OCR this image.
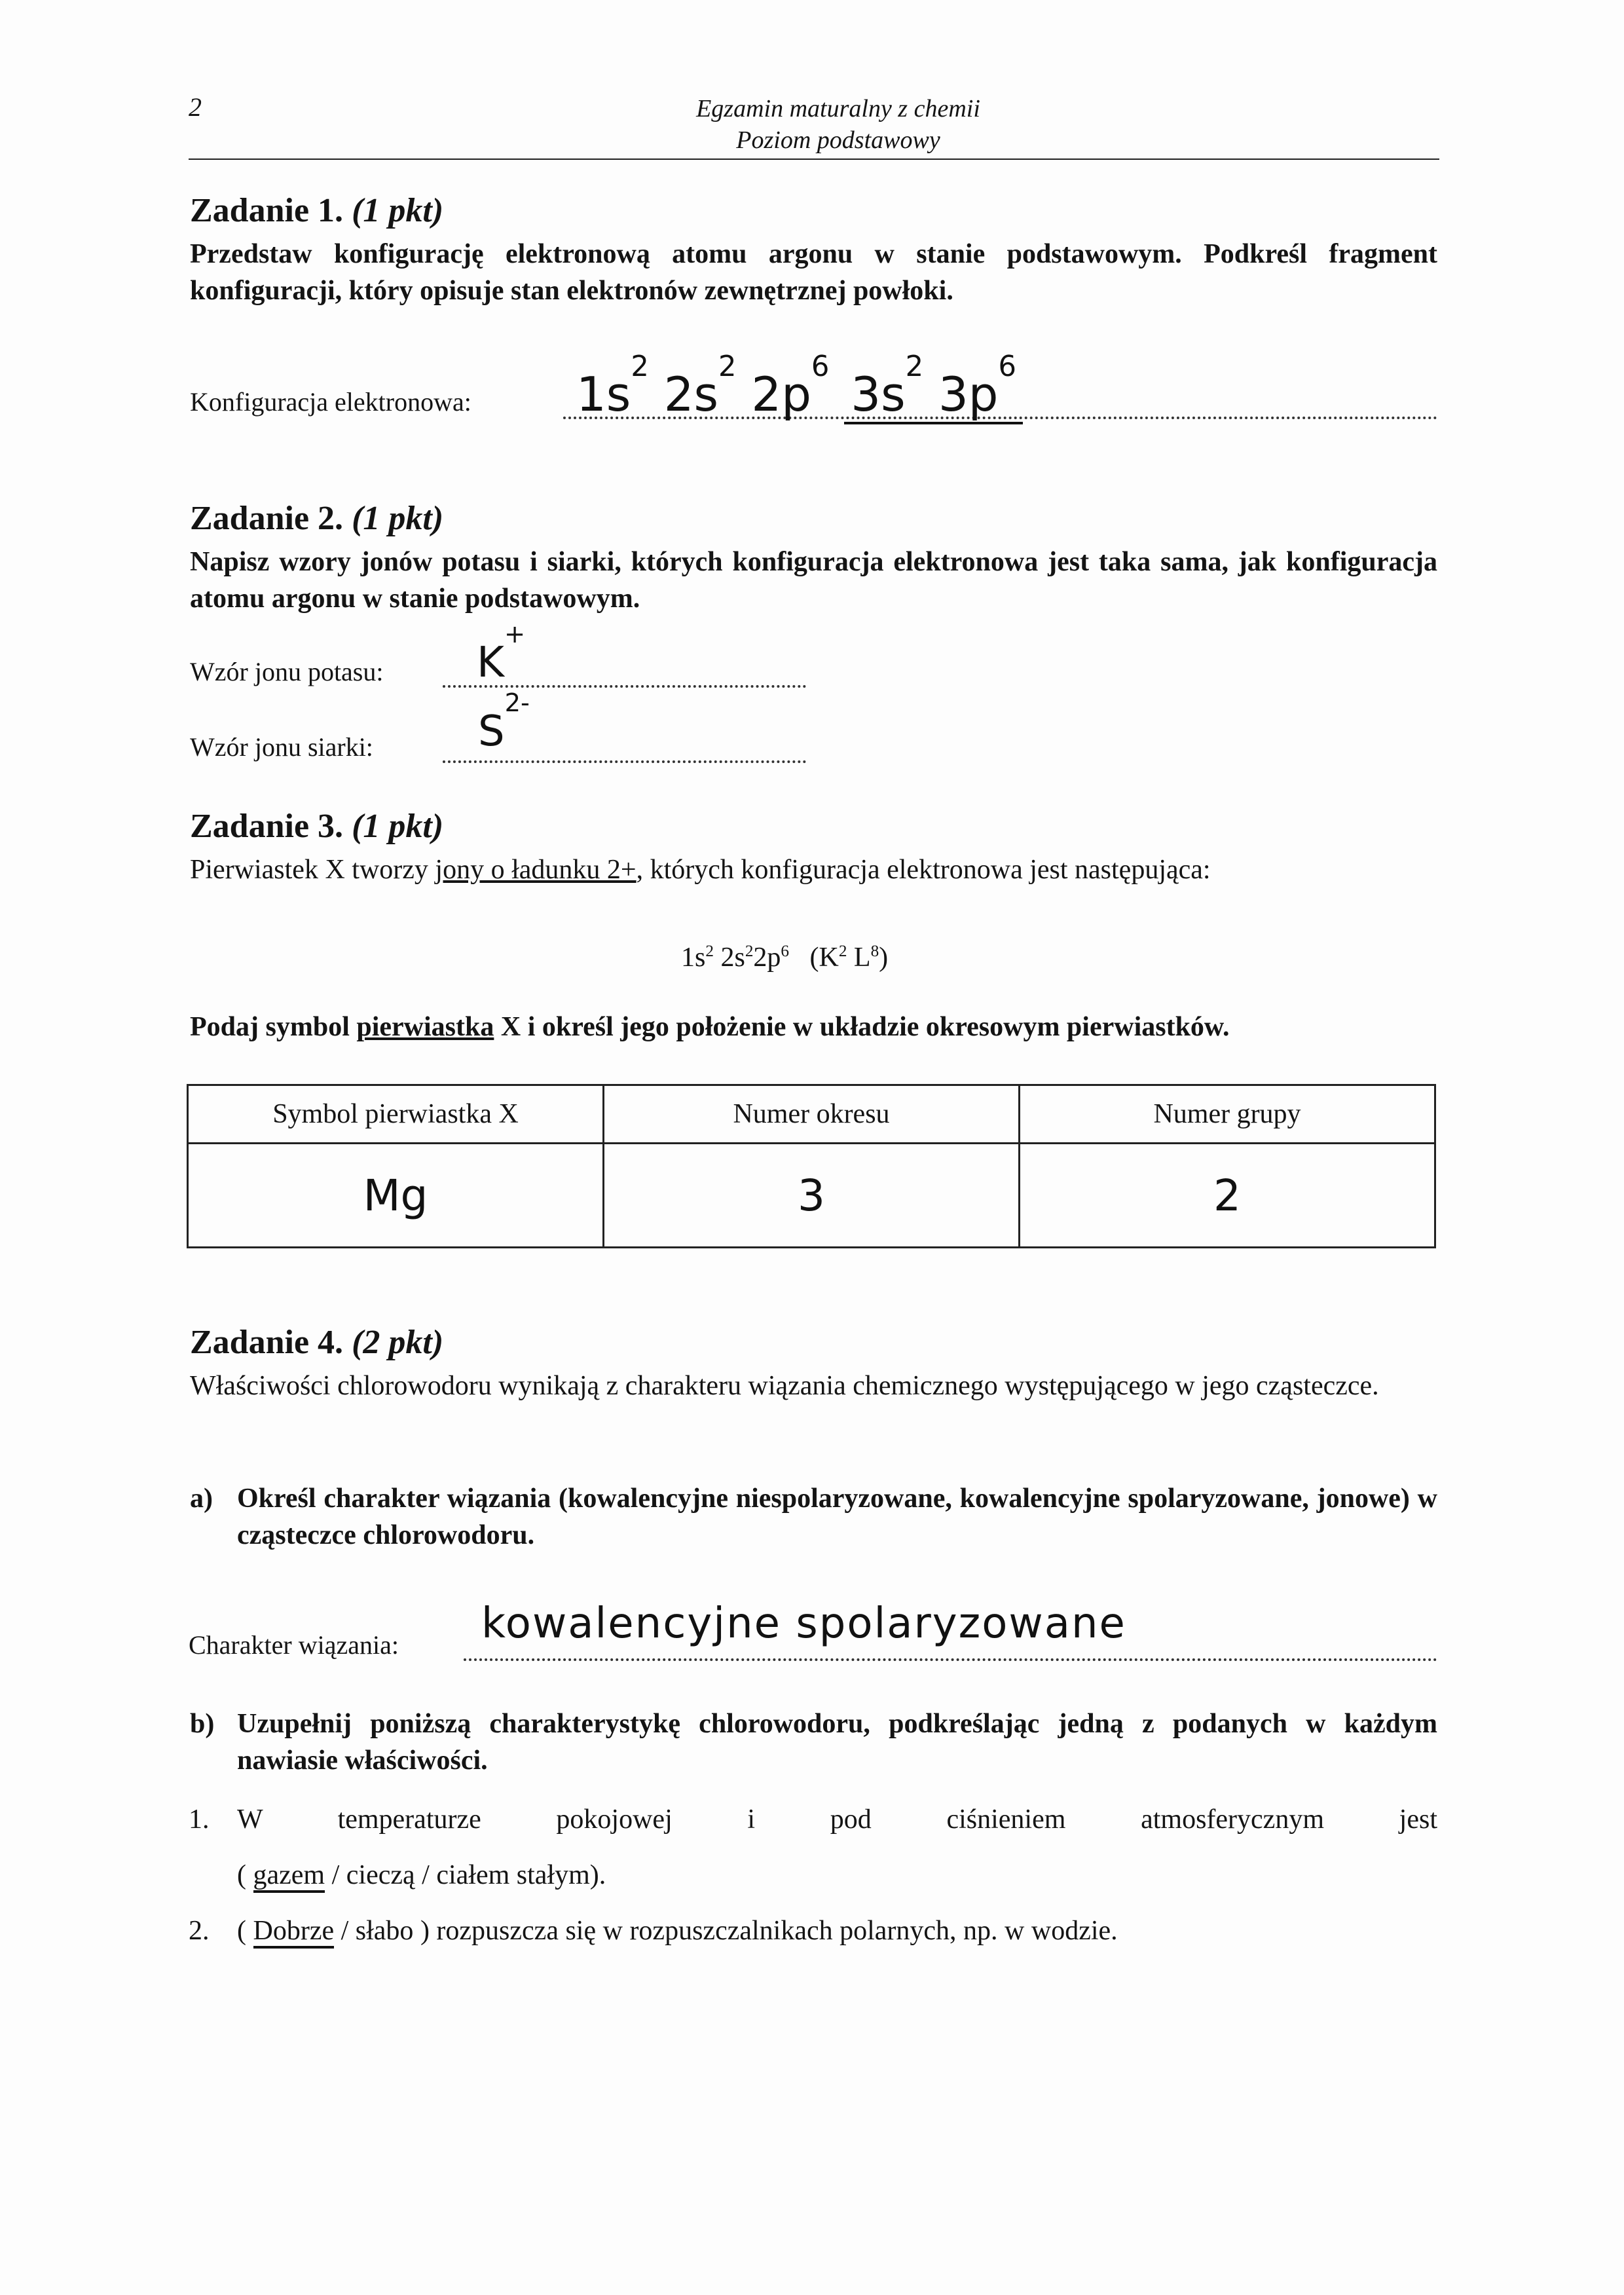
2	Egzamin maturalny z chemii
Poziom podstawowy
Zadanie 1. (1 pkt)
Przedstaw konfigurację elektronową atomu argonu w stanie podstawowym. Podkreśl fragment konfiguracji, który opisuje stan elektronów zewnętrznej powłoki.
Konfiguracja elektronowa: $1s^2$ $2s^2$ $2p^6$ $3s^2$ $3p^6$
Zadanie 2. (1 pkt)
Napisz wzory jonów potasu i siarki, których konfiguracja elektronowa jest taka sama, jak konfiguracja atomu argonu w stanie podstawowym.
Wzór jonu potasu: K+
Wzór jonu siarki:	$S^{2-}$
Zadanie 3. (1 pkt)
Pierwiastek X tworzy jony o ładunku 2+, których konfiguracja elektronowa jest następująca:
$1s^2$ $2s^22p^6$ ($K^2$ $L^8$)
Podaj symbol pierwiastka X i określ jego położenie w układzie okresowym pierwiastków.
Symbol pierwiastka X	Numer okresu	Numer grupy
Mg	3	2
Zadanie 4. (2 pkt)
Właściwości chlorowodoru wynikają z charakteru wiązania chemicznego występującego w jego cząsteczce.
a) Określ charakter wiązania (kowalencyjne niespolaryzowane, kowalencyjne spolaryzowane, jonowe) w cząsteczce chlorowodoru.
Charakter wiązania: kowalencyjne spolaryzowane
b) Uzupełnij poniższą charakterystykę chlorowodoru, podkreślając jedną z podanych w każdym nawiasie właściwości.
1. W temperaturze pokojowej i pod ciśnieniem atmosferycznym jest
( gazem / cieczą / ciałem stałym).
2. ( Dobrze / słabo ) rozpuszcza się w rozpuszczalnikach polarnych, np. w wodzie.
